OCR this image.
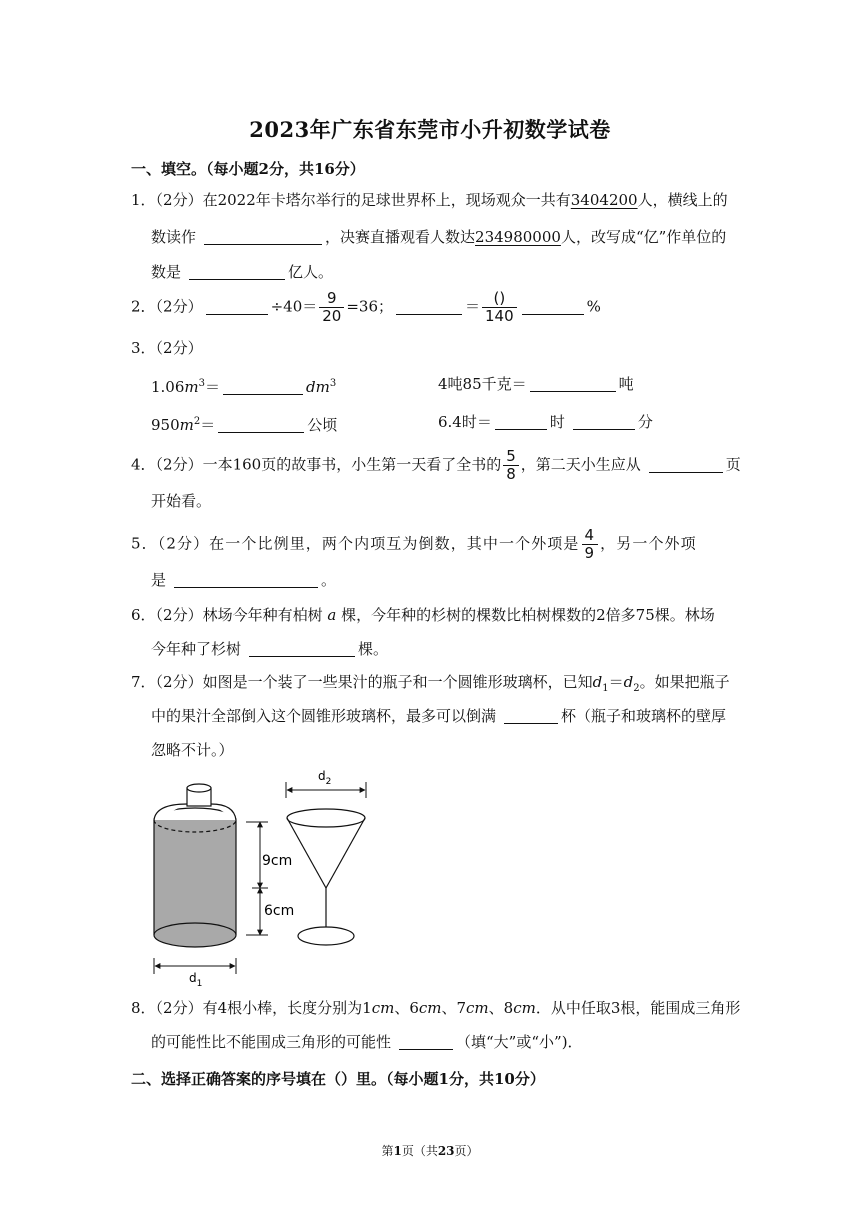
2023年广东省东莞市小升初数学试卷
一、填空。（每小题2分，共16分）
1．（2分）在2022年卡塔尔举行的足球世界杯上，现场观众一共有3404200人，横线上的
数读作	，决赛直播观看人数达234980000人，改写成“亿”作单位的
数是	亿人。
2．（2分）	$\div 40= \frac{9}{20} =36$；	＝ $\frac{()}{140}$	%
3．（2分）
$1.06m^3=$	$dm^3$	4吨85千克＝	吨
$950m^2=$	公顷	6.4时＝	时	分
4．（2分）一本160页的故事书，小生第一天看了全书的 $\frac{5}{8}$ ，第二天小生应从	页
开始看。
5．（2分）在一个比例里，两个内项互为倒数，其中一个外项是 $\frac{4}{9}$ ，另一个外项
是	。
6．（2分）林场今年种有柏树 a 棵，今年种的杉树的棵数比柏树棵数的2倍多75棵。林场
今年种了杉树	棵。
7．（2分）如图是一个装了一些果汁的瓶子和一个圆锥形玻璃杯，已知$d_1=d_2$。如果把瓶子
中的果汁全部倒入这个圆锥形玻璃杯，最多可以倒满	杯（瓶子和玻璃杯的壁厚
忽略不计。）
9cm
6cm
$d_1$
$d_2$
8．（2分）有4根小棒，长度分别为1cm、6cm、7cm、8cm．从中任取3根，能围成三角形
的可能性比不能围成三角形的可能性	（填“大”或“小”)．
二、选择正确答案的序号填在（）里。（每小题1分，共10分）
第1页（共23页）
